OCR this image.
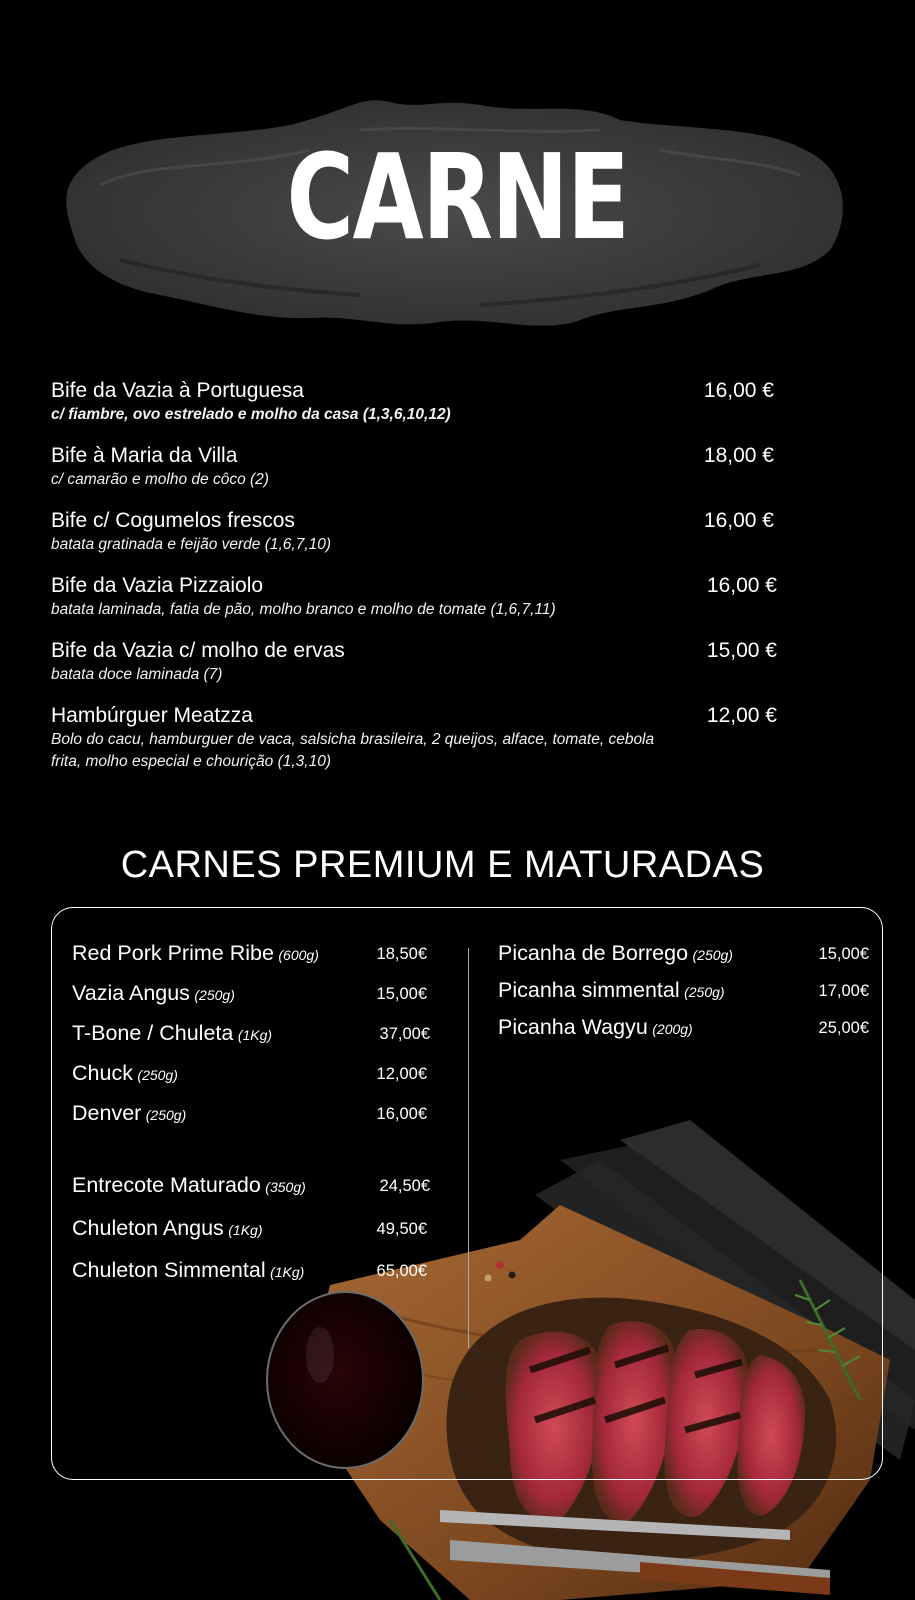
CARNE
Bife da Vazia à Portuguesa
c/ fiambre, ovo estrelado e molho da casa (1,3,6,10,12)
16,00 €
Bife à Maria da Villa
c/ camarão e molho de côco (2)
18,00 €
Bife c/ Cogumelos frescos
batata gratinada e feijão verde (1,6,7,10)
16,00 €
Bife da Vazia Pizzaiolo
batata laminada, fatia de pão, molho branco e molho de tomate (1,6,7,11)
16,00 €
Bife da Vazia c/ molho de ervas
batata doce laminada (7)
15,00 €
Hambúrguer Meatzza
Bolo do cacu, hamburguer de vaca, salsicha brasileira, 2 queijos, alface, tomate, cebola frita, molho especial e chourição (1,3,10)
12,00 €
CARNES PREMIUM E MATURADAS
Red Pork Prime Ribe (600g)	18,50€
Vazia Angus (250g)	15,00€
T-Bone / Chuleta (1Kg)	37,00€
Chuck (250g)	12,00€
Denver (250g)	16,00€
Entrecote Maturado (350g)	24,50€
Chuleton Angus (1Kg)	49,50€
Chuleton Simmental (1Kg)	65,00€
Picanha de Borrego (250g)	15,00€
Picanha simmental (250g)	17,00€
Picanha Wagyu (200g)	25,00€
